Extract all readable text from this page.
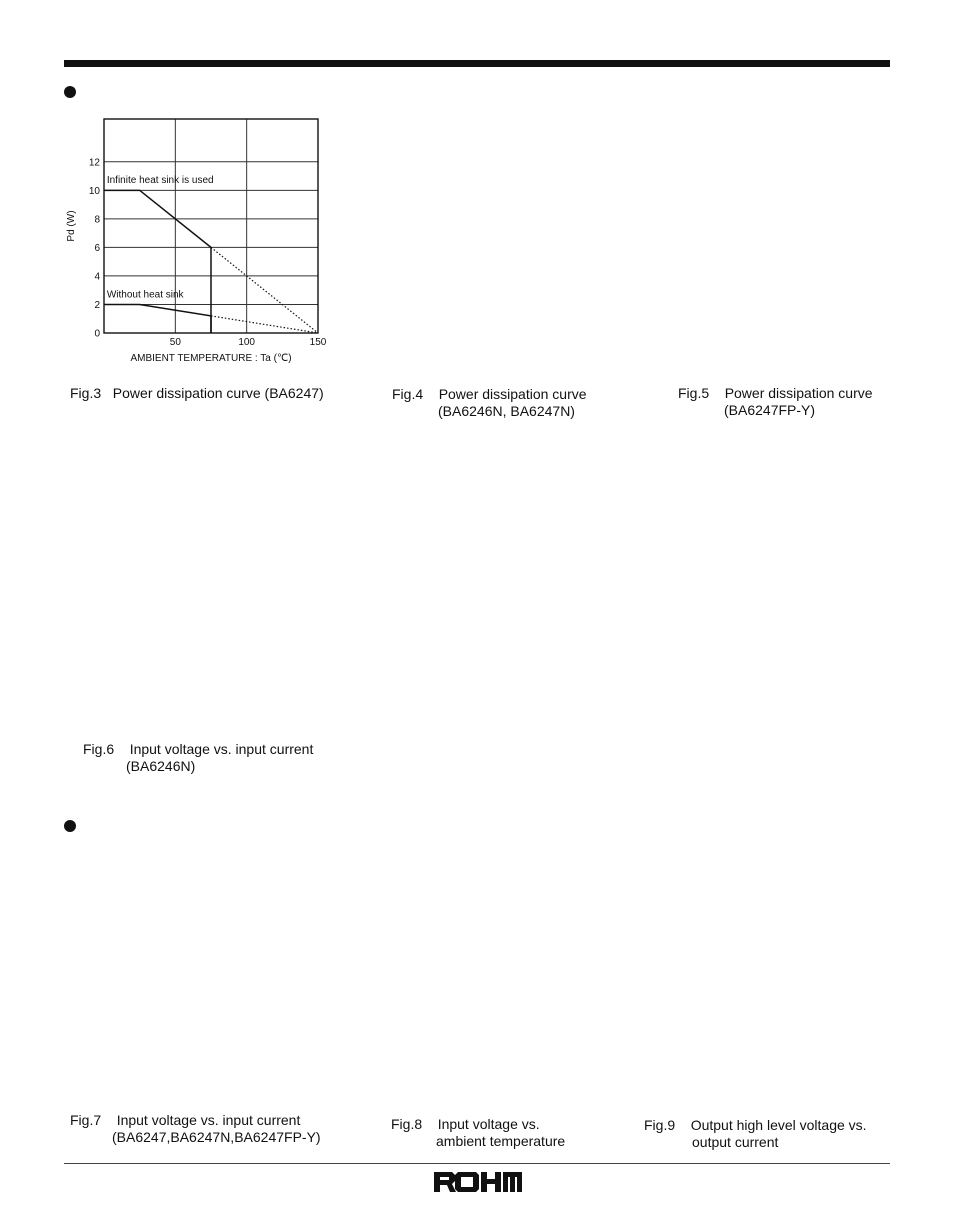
50	100	150
0
2
4
6
8
10
12
AMBIENT TEMPERATURE : Ta (℃)
Pd (W)
Infinite heat sink is used
Without heat sink
Fig.3 Power dissipation curve (BA6247)	Fig.4 Power dissipation curve
(BA6246N, BA6247N)
Fig.5 Power dissipation curve
(BA6247FP-Y)
Fig.6 Input voltage vs. input current
(BA6246N)
Fig.7 Input voltage vs. input current
(BA6247,BA6247N,BA6247FP-Y)
Fig.8 Input voltage vs.
ambient temperature
Fig.9 Output high level voltage vs.
output current
